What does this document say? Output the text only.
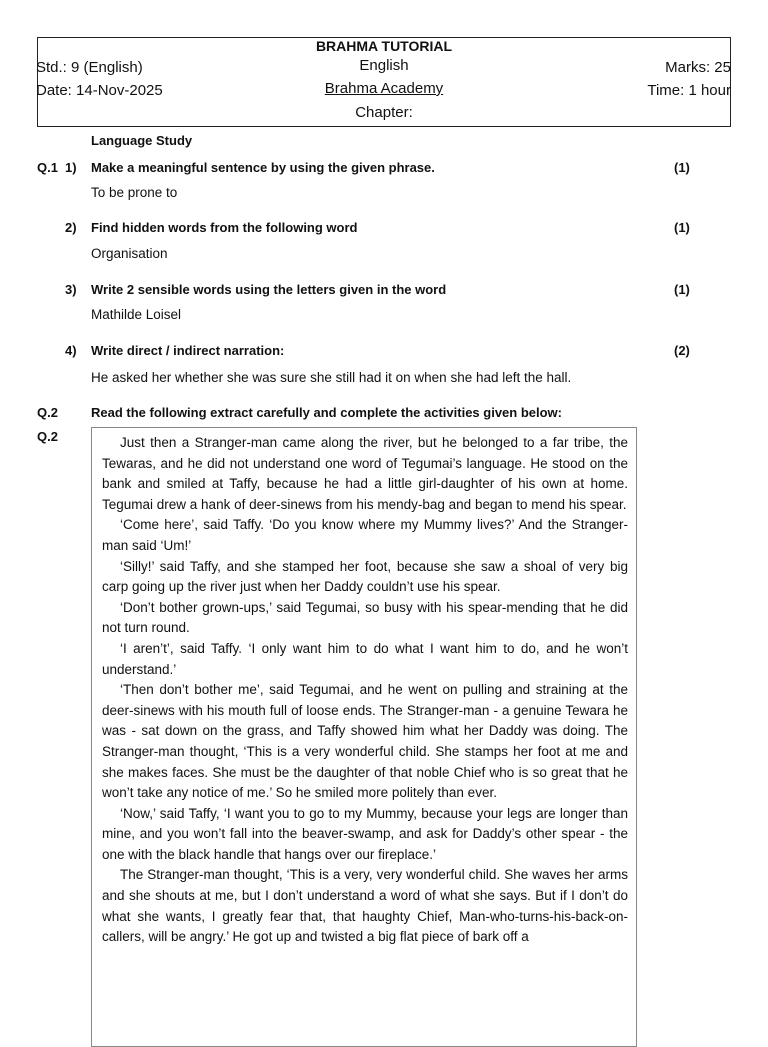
BRAHMA TUTORIAL
English
Brahma Academy
Chapter:
Std.: 9 (English)
Date: 14-Nov-2025
Marks: 25
Time: 1 hour
Language Study
Q.1 1) Make a meaningful sentence by using the given phrase.	(1)
To be prone to
2) Find hidden words from the following word	(1)
Organisation
3) Write 2 sensible words using the letters given in the word	(1)
Mathilde Loisel
4) Write direct / indirect narration:	(2)
He asked her whether she was sure she still had it on when she had left the hall.
Q.2	Read the following extract carefully and complete the activities given below:
Q.2	Just then a Stranger-man came along the river, but he belonged to a far tribe, the Tewaras, and he did not understand one word of Tegumai’s language. He stood on the bank and smiled at Taffy, because he had a little girl-daughter of his own at home. Tegumai drew a hank of deer-sinews from his mendy-bag and began to mend his spear.

‘Come here’, said Taffy. ‘Do you know where my Mummy lives?’ And the Stranger-man said ‘Um!’

‘Silly!’ said Taffy, and she stamped her foot, because she saw a shoal of very big carp going up the river just when her Daddy couldn’t use his spear.

‘Don’t bother grown-ups,’ said Tegumai, so busy with his spear-mending that he did not turn round.

‘I aren’t’, said Taffy. ‘I only want him to do what I want him to do, and he won’t understand.’

‘Then don’t bother me’, said Tegumai, and he went on pulling and straining at the deer-sinews with his mouth full of loose ends. The Stranger-man - a genuine Tewara he was - sat down on the grass, and Taffy showed him what her Daddy was doing. The Stranger-man thought, ‘This is a very wonderful child. She stamps her foot at me and she makes faces. She must be the daughter of that noble Chief who is so great that he won’t take any notice of me.’ So he smiled more politely than ever.

‘Now,’ said Taffy, ‘I want you to go to my Mummy, because your legs are longer than mine, and you won’t fall into the beaver-swamp, and ask for Daddy’s other spear - the one with the black handle that hangs over our fireplace.’

The Stranger-man thought, ‘This is a very, very wonderful child. She waves her arms and she shouts at me, but I don’t understand a word of what she says. But if I don’t do what she wants, I greatly fear that, that haughty Chief, Man-who-turns-his-back-on-callers, will be angry.’ He got up and twisted a big flat piece of bark off a
